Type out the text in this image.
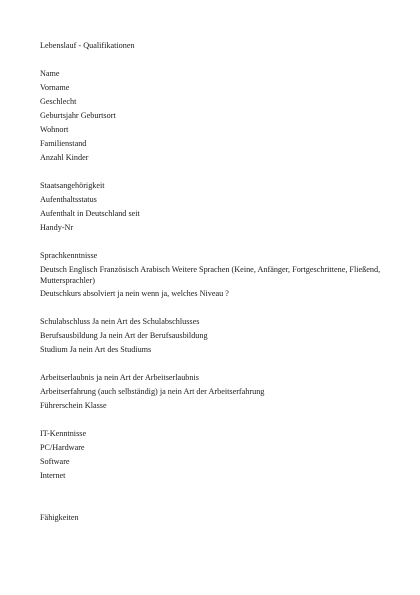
Lebenslauf - Qualifikationen
Name
Vorname
Geschlecht
Geburtsjahr Geburtsort
Wohnort
Familienstand
Anzahl Kinder
Staatsangehörigkeit
Aufenthaltsstatus
Aufenthalt in Deutschland seit
Handy-Nr
Sprachkenntnisse
Deutsch Englisch Französisch Arabisch Weitere Sprachen (Keine, Anfänger, Fortgeschrittene, Fließend, Muttersprachler)
Deutschkurs absolviert ja nein wenn ja, welches Niveau ?
Schulabschluss Ja nein Art des Schulabschlusses
Berufsausbildung Ja nein Art der Berufsausbildung
Studium Ja nein Art des Studiums
Arbeitserlaubnis ja nein Art der Arbeitserlaubnis
Arbeitserfahrung (auch selbständig) ja nein Art der Arbeitserfahrung
Führerschein Klasse
IT-Kenntnisse
PC/Hardware
Software
Internet
Fähigkeiten
